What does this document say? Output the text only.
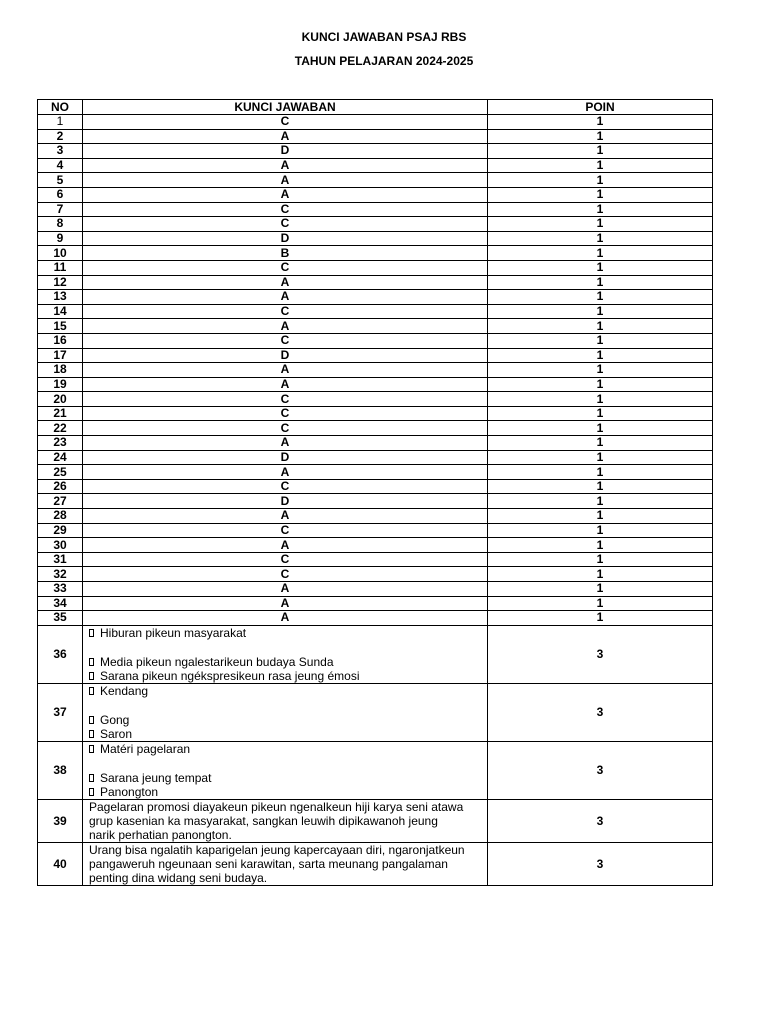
KUNCI JAWABAN PSAJ RBS
TAHUN PELAJARAN 2024-2025
NO	KUNCI JAWABAN	POIN
1	C	1
2	A	1
3	D	1
4	A	1
5	A	1
6	A	1
7	C	1
8	C	1
9	D	1
10	B	1
11	C	1
12	A	1
13	A	1
14	C	1
15	A	1
16	C	1
17	D	1
18	A	1
19	A	1
20	C	1
21	C	1
22	C	1
23	A	1
24	D	1
25	A	1
26	C	1
27	D	1
28	A	1
29	C	1
30	A	1
31	C	1
32	C	1
33	A	1
34	A	1
35	A	1
36	Hiburan pikeun masyarakat
Media pikeun ngalestarikeun budaya Sunda
Sarana pikeun ngékspresikeun rasa jeung émosi	3
37	Kendang
Gong
Saron	3
38	Matéri pagelaran
Sarana jeung tempat
Panongton	3
39	Pagelaran promosi diayakeun pikeun ngenalkeun hiji karya seni atawa grup kasenian ka masyarakat, sangkan leuwih dipikawanoh jeung narik perhatian panongton.	3
40	Urang bisa ngalatih kaparigelan jeung kapercayaan diri, ngaronjatkeun pangaweruh ngeunaan seni karawitan, sarta meunang pangalaman penting dina widang seni budaya.	3
